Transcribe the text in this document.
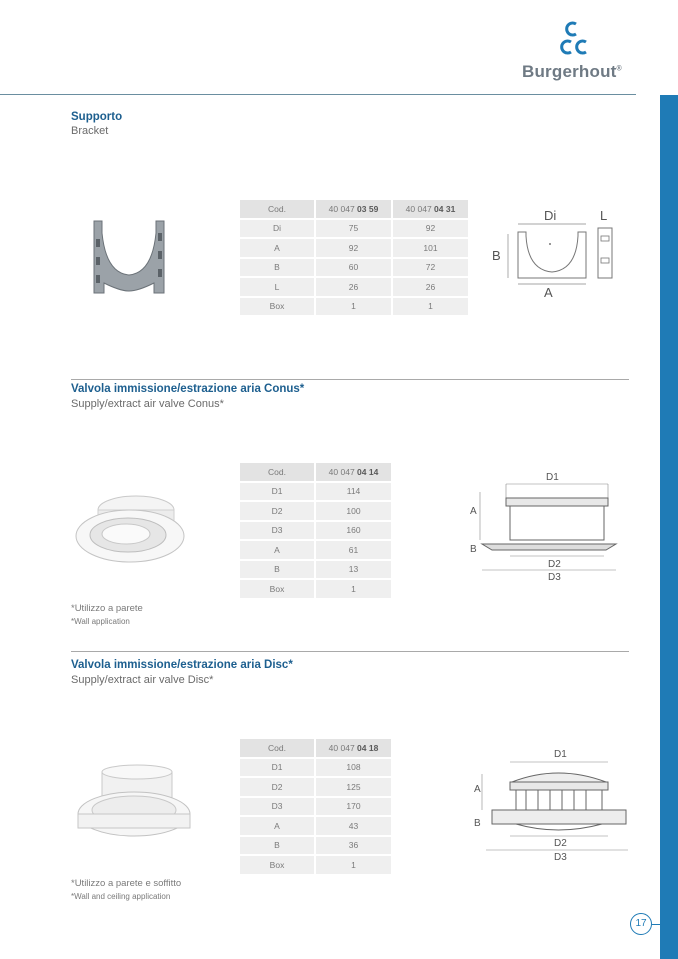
Burgerhout®
Supporto
Bracket
Cod.	40 047 03 59	40 047 04 31
Di	75	92
A	92	101
B	60	72
L	26	26
Box	1	1
Di	L
B
A
Valvola immissione/estrazione aria Conus*
Supply/extract air valve Conus*
Cod.	40 047 04 14
D1	114
D2	100
D3	160
A	61
B	13
Box	1
D1
A
B
D2
D3
*Utilizzo a parete
*Wall application
Valvola immissione/estrazione aria Disc*
Supply/extract air valve Disc*
Cod.	40 047 04 18
D1	108
D2	125
D3	170
A	43
B	36
Box	1
D1
A
B
D2
D3
*Utilizzo a parete e soffitto
*Wall and ceiling application
17
